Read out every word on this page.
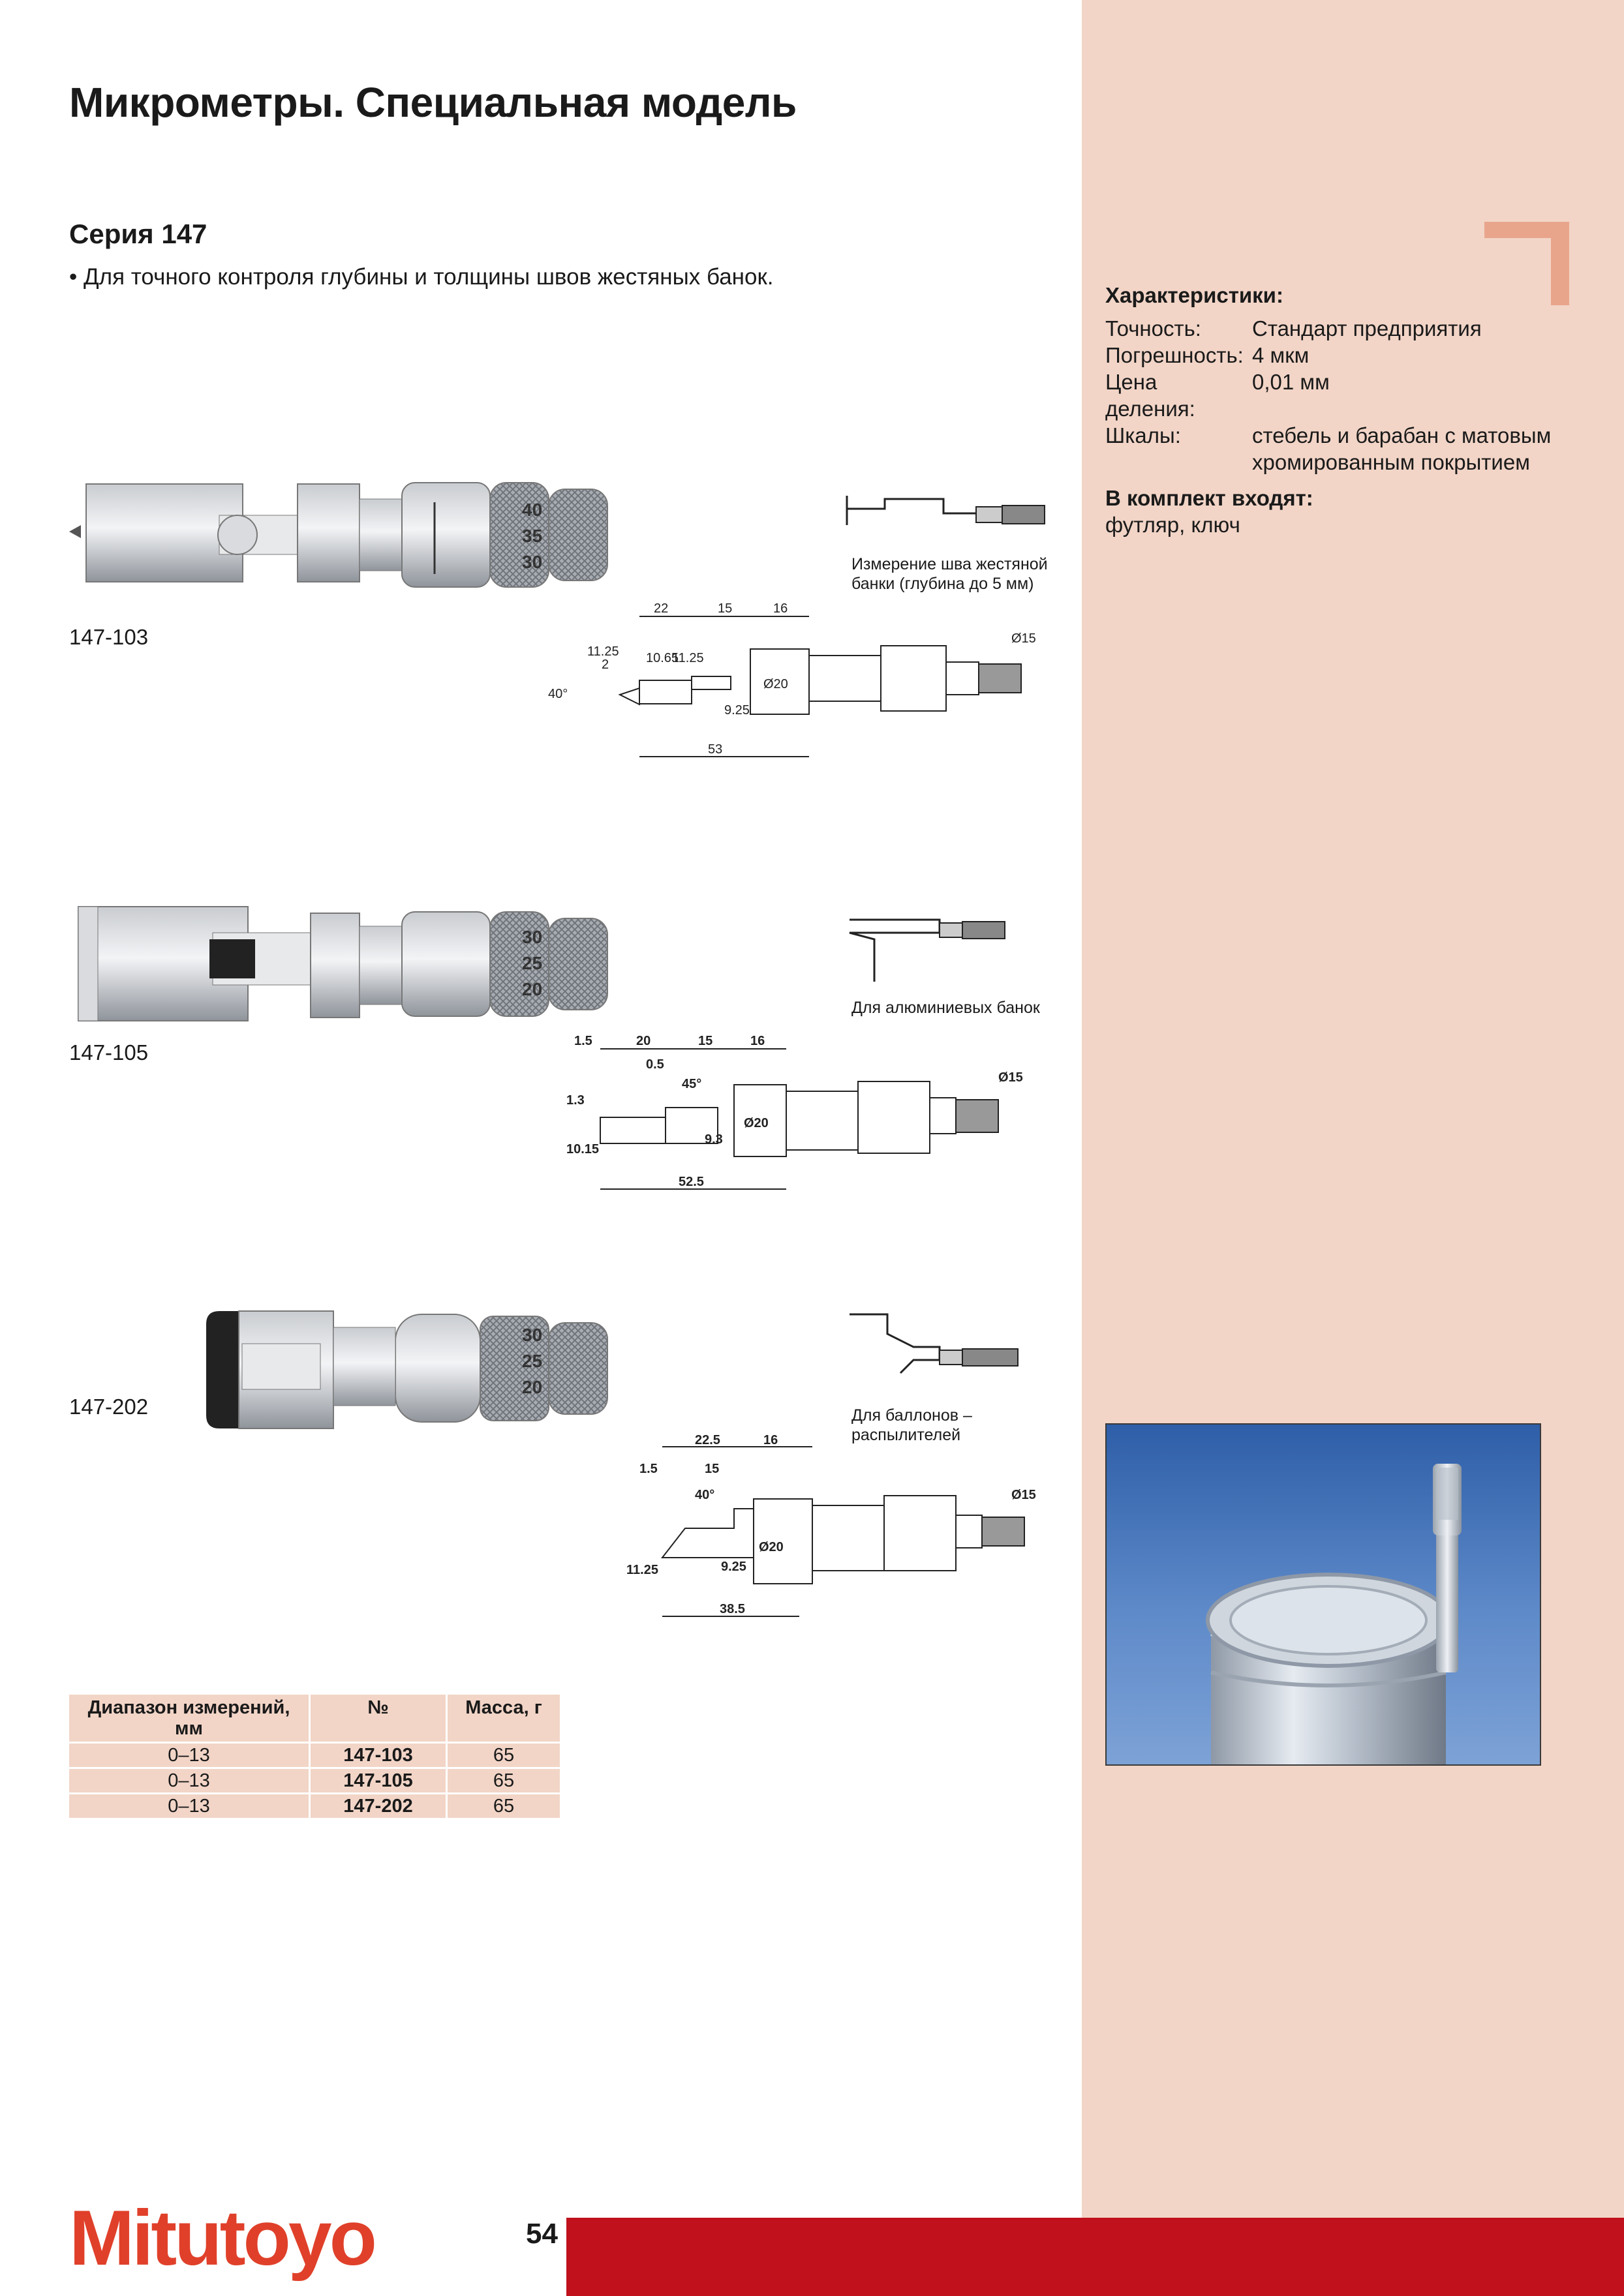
Микрометры. Специальная модель
Серия 147
• Для точного контроля глубины и толщины швов жестяных банок.
Характеристики:
Точность:	Стандарт предприятия
Погрешность: 4 мкм
Цена деления:
0,01 мм
Шкалы:	стебель и барабан с матовым хромированным покрытием
В комплект входят:
футляр, ключ
40
35
30	Измерение шва жестяной
банки (глубина до 5 мм)
147-103
22	15	16
11.25
2	10.65
11.25
9.25
Ø20
Ø15
40°
53
30
25
20
Для алюминиевых банок
147-105	1.5	20	15	16
0.5
45°
1.3
10.15
9.3
Ø20
Ø15
52.5
30
25
20
Для баллонов –
распылителей
147-202
22.5	16
1.5	15
40°
11.25	9.25
Ø20
Ø15
38.5
Диапазон измерений, мм	№	Масса, г
0–13	147-103	65
0–13	147-105	65
0–13	147-202	65
Mitutoyo	54
